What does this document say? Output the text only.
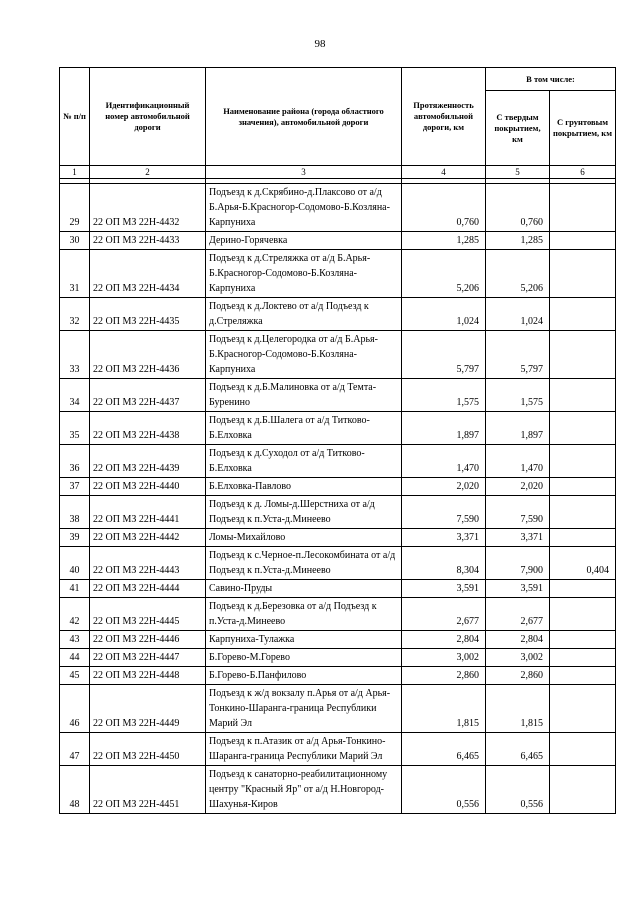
98
№ п/п	Идентификационный номер автомобильной дороги	Наименование района (города областного значения), автомобильной дороги	Протяженность автомобильной дороги, км	В том числе:	
				С твердым покрытием, км	С грунтовым покрытием, км
1	2	3	4	5	6

29	22 ОП МЗ 22Н-4432	Подъезд к д.Скрябино-д.Плаксово от а/д Б.Арья-Б.Красногор-Содомово-Б.Козляна-Карпуниха	0,760	0,760	
30	22 ОП МЗ 22Н-4433	Дерино-Горячевка	1,285	1,285	
31	22 ОП МЗ 22Н-4434	Подъезд к д.Стреляжка от а/д Б.Арья-Б.Красногор-Содомово-Б.Козляна-Карпуниха	5,206	5,206	
32	22 ОП МЗ 22Н-4435	Подъезд к д.Локтево от а/д Подъезд к д.Стреляжка	1,024	1,024	
33	22 ОП МЗ 22Н-4436	Подъезд к д.Целегородка от а/д Б.Арья-Б.Красногор-Содомово-Б.Козляна-Карпуниха	5,797	5,797	
34	22 ОП МЗ 22Н-4437	Подъезд к д.Б.Малиновка от а/д Темта-Буренино	1,575	1,575	
35	22 ОП МЗ 22Н-4438	Подъезд к д.Б.Шалега от а/д Титково-Б.Елховка	1,897	1,897	
36	22 ОП МЗ 22Н-4439	Подъезд к д.Суходол от а/д Титково-Б.Елховка	1,470	1,470	
37	22 ОП МЗ 22Н-4440	Б.Елховка-Павлово	2,020	2,020	
38	22 ОП МЗ 22Н-4441	Подъезд к д. Ломы-д.Шерстниха от а/д Подъезд к п.Уста-д.Минеево	7,590	7,590	
39	22 ОП МЗ 22Н-4442	Ломы-Михайлово	3,371	3,371	
40	22 ОП МЗ 22Н-4443	Подъезд к с.Черное-п.Лесокомбината от а/д Подъезд к п.Уста-д.Минеево	8,304	7,900	0,404
41	22 ОП МЗ 22Н-4444	Савино-Пруды	3,591	3,591	
42	22 ОП МЗ 22Н-4445	Подъезд к д.Березовка от а/д Подъезд к п.Уста-д.Минеево	2,677	2,677	
43	22 ОП МЗ 22Н-4446	Карпуниха-Тулажка	2,804	2,804	
44	22 ОП МЗ 22Н-4447	Б.Горево-М.Горево	3,002	3,002	
45	22 ОП МЗ 22Н-4448	Б.Горево-Б.Панфилово	2,860	2,860	
46	22 ОП МЗ 22Н-4449	Подъезд к ж/д вокзалу п.Арья от а/д Арья-Тонкино-Шаранга-граница Республики Марий Эл	1,815	1,815	
47	22 ОП МЗ 22Н-4450	Подъезд к п.Атазик от а/д Арья-Тонкино-Шаранга-граница Республики Марий Эл	6,465	6,465	
48	22 ОП МЗ 22Н-4451	Подъезд к санаторно-реабилитационному центру "Красный Яр" от а/д Н.Новгород-Шахунья-Киров	0,556	0,556	
